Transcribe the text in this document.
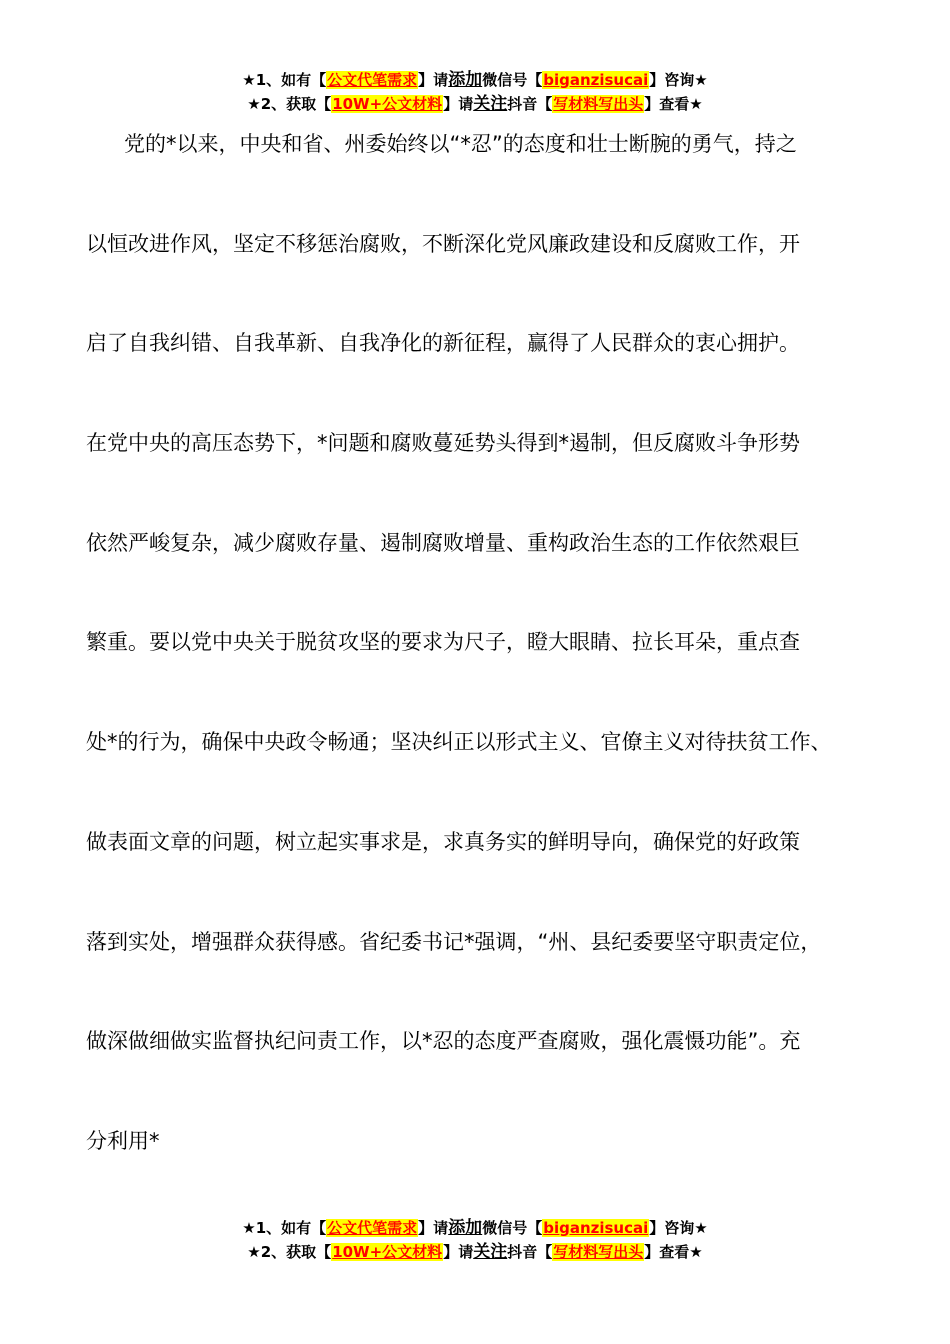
★1、如有【公文代笔需求】请添加微信号【biganzisucai】咨询★
★2、获取【10W+公文材料】请关注抖音【写材料写出头】查看★
党的*以来，中央和省、州委始终以“*忍”的态度和壮士断腕的勇气，持之
以恒改进作风，坚定不移惩治腐败，不断深化党风廉政建设和反腐败工作，开
启了自我纠错、自我革新、自我净化的新征程，赢得了人民群众的衷心拥护。
在党中央的高压态势下，*问题和腐败蔓延势头得到*遏制，但反腐败斗争形势
依然严峻复杂，减少腐败存量、遏制腐败增量、重构政治生态的工作依然艰巨
繁重。要以党中央关于脱贫攻坚的要求为尺子，瞪大眼睛、拉长耳朵，重点查
处*的行为，确保中央政令畅通；坚决纠正以形式主义、官僚主义对待扶贫工作、
做表面文章的问题，树立起实事求是，求真务实的鲜明导向，确保党的好政策
落到实处，增强群众获得感。省纪委书记*强调，“州、县纪委要坚守职责定位，
做深做细做实监督执纪问责工作，以*忍的态度严查腐败，强化震慑功能”。充
分利用*
★1、如有【公文代笔需求】请添加微信号【biganzisucai】咨询★
★2、获取【10W+公文材料】请关注抖音【写材料写出头】查看★
